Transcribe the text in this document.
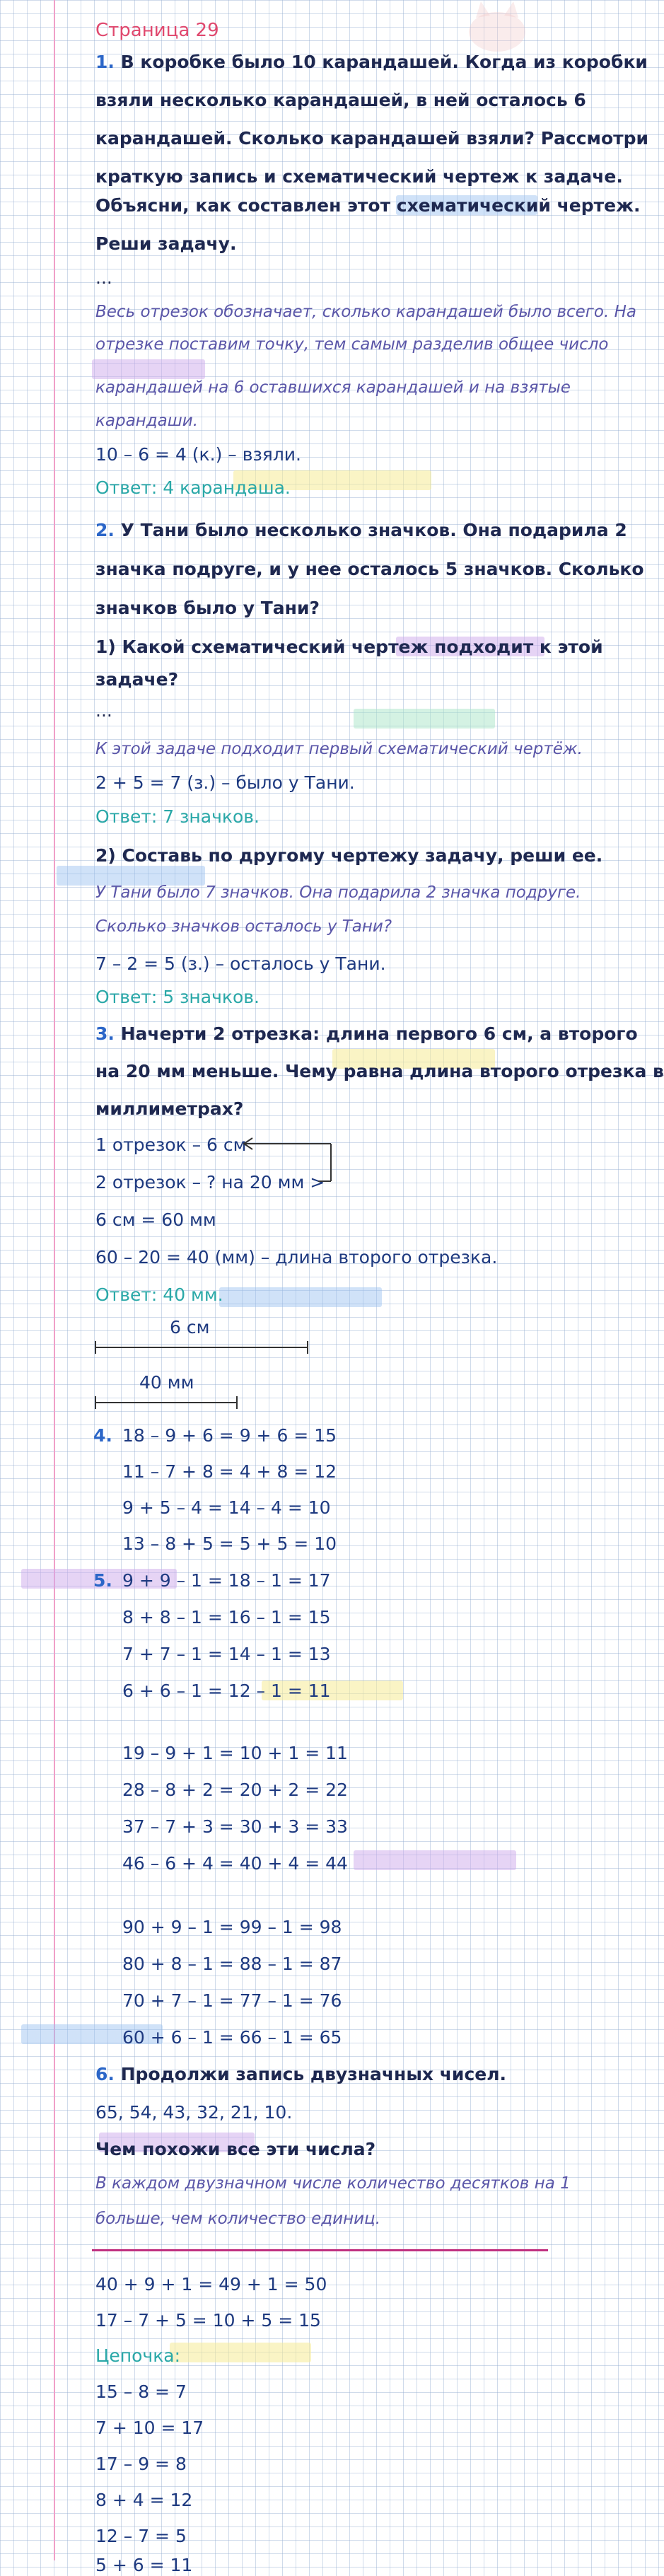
Страница 29
1. В коробке было 10 карандашей. Когда из коробки
взяли несколько карандашей, в ней осталось 6
карандашей. Сколько карандашей взяли? Рассмотри
краткую запись и схематический чертеж к задаче.
Объясни, как составлен этот схематический чертеж.
Реши задачу.
...
Весь отрезок обозначает, сколько карандашей было всего. На
отрезке поставим точку, тем самым разделив общее число
карандашей на 6 оставшихся карандашей и на взятые
карандаши.
10 – 6 = 4 (к.) – взяли.
Ответ: 4 карандаша.
2. У Тани было несколько значков. Она подарила 2
значка подруге, и у нее осталось 5 значков. Сколько
значков было у Тани?
1) Какой схематический чертеж подходит к этой
задаче?
...
К этой задаче подходит первый схематический чертёж.
2 + 5 = 7 (з.) – было у Тани.
Ответ: 7 значков.
2) Составь по другому чертежу задачу, реши ее.
У Тани было 7 значков. Она подарила 2 значка подруге.
Сколько значков осталось у Тани?
7 – 2 = 5 (з.) – осталось у Тани.
Ответ: 5 значков.
3. Начерти 2 отрезка: длина первого 6 см, а второго
на 20 мм меньше. Чему равна длина второго отрезка в
миллиметрах?
1 отрезок – 6 см
2 отрезок – ? на 20 мм >
6 см = 60 мм
60 – 20 = 40 (мм) – длина второго отрезка.
Ответ: 40 мм.
6 см
40 мм
4. 18 – 9 + 6 = 9 + 6 = 15
11 – 7 + 8 = 4 + 8 = 12
9 + 5 – 4 = 14 – 4 = 10
13 – 8 + 5 = 5 + 5 = 10
5. 9 + 9 – 1 = 18 – 1 = 17
8 + 8 – 1 = 16 – 1 = 15
7 + 7 – 1 = 14 – 1 = 13
6 + 6 – 1 = 12 – 1 = 11
19 – 9 + 1 = 10 + 1 = 11
28 – 8 + 2 = 20 + 2 = 22
37 – 7 + 3 = 30 + 3 = 33
46 – 6 + 4 = 40 + 4 = 44
90 + 9 – 1 = 99 – 1 = 98
80 + 8 – 1 = 88 – 1 = 87
70 + 7 – 1 = 77 – 1 = 76
60 + 6 – 1 = 66 – 1 = 65
6. Продолжи запись двузначных чисел.
65, 54, 43, 32, 21, 10.
Чем похожи все эти числа?
В каждом двузначном числе количество десятков на 1
больше, чем количество единиц.
40 + 9 + 1 = 49 + 1 = 50
17 – 7 + 5 = 10 + 5 = 15
Цепочка:
15 – 8 = 7
7 + 10 = 17
17 – 9 = 8
8 + 4 = 12
12 – 7 = 5
5 + 6 = 11
